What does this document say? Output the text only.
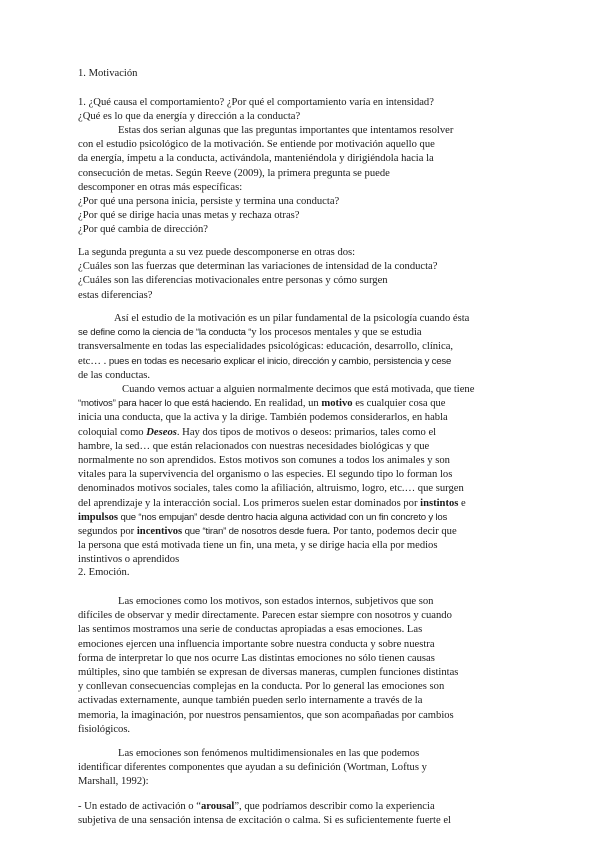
1. Motivación

1. ¿Qué causa el comportamiento? ¿Por qué el comportamiento varía en intensidad?
¿Qué es lo que da energía y dirección a la conducta?

Estas dos serian algunas que las preguntas importantes que intentamos resolver
con el estudio psicológico de la motivación. Se entiende por motivación aquello que
da energía, ímpetu a la conducta, activándola, manteniéndola y dirigiéndola hacia la
consecución de metas. Según Reeve (2009), la primera pregunta se puede
descomponer en otras más específicas:
¿Por qué una persona inicia, persiste y termina una conducta?
¿Por qué se dirige hacia unas metas y rechaza otras?
¿Por qué cambia de dirección?

La segunda pregunta a su vez puede descomponerse en otras dos:
¿Cuáles son las fuerzas que determinan las variaciones de intensidad de la conducta?
¿Cuáles son las diferencias motivacionales entre personas y cómo surgen
estas diferencias?

Así el estudio de la motivación es un pilar fundamental de la psicología cuando ésta
se define como la ciencia de “la conducta “y los procesos mentales y que se estudia
transversalmente en todas las especialidades psicológicas: educación, desarrollo, clínica,
etc… . pues en todas es necesario explicar el inicio, dirección y cambio, persistencia y cese
de las conductas.

Cuando vemos actuar a alguien normalmente decimos que está motivada, que tiene
“motivos” para hacer lo que está haciendo. En realidad, un motivo es cualquier cosa que
inicia una conducta, que la activa y la dirige. También podemos considerarlos, en habla
coloquial como Deseos. Hay dos tipos de motivos o deseos: primarios, tales como el
hambre, la sed… que están relacionados con nuestras necesidades biológicas y que
normalmente no son aprendidos. Estos motivos son comunes a todos los animales y son
vitales para la supervivencia del organismo o las especies. El segundo tipo lo forman los
denominados motivos sociales, tales como la afiliación, altruismo, logro, etc.… que surgen
del aprendizaje y la interacción social. Los primeros suelen estar dominados por instintos e
impulsos que “nos empujan” desde dentro hacia alguna actividad con un fin concreto y los
segundos por incentivos que “tiran” de nosotros desde fuera. Por tanto, podemos decir que
la persona que está motivada tiene un fin, una meta, y se dirige hacia ella por medios
instintivos o aprendidos

2. Emoción.

Las emociones como los motivos, son estados internos, subjetivos que son
difíciles de observar y medir directamente. Parecen estar siempre con nosotros y cuando
las sentimos mostramos una serie de conductas apropiadas a esas emociones. Las
emociones ejercen una influencia importante sobre nuestra conducta y sobre nuestra
forma de interpretar lo que nos ocurre Las distintas emociones no sólo tienen causas
múltiples, sino que también se expresan de diversas maneras, cumplen funciones distintas
y conllevan consecuencias complejas en la conducta. Por lo general las emociones son
activadas externamente, aunque también pueden serlo internamente a través de la
memoria, la imaginación, por nuestros pensamientos, que son acompañadas por cambios
fisiológicos.

Las emociones son fenómenos multidimensionales en las que podemos
identificar diferentes componentes que ayudan a su definición (Wortman, Loftus y
Marshall, 1992):

- Un estado de activación o “arousal”, que podríamos describir como la experiencia
subjetiva de una sensación intensa de excitación o calma. Si es suficientemente fuerte el
